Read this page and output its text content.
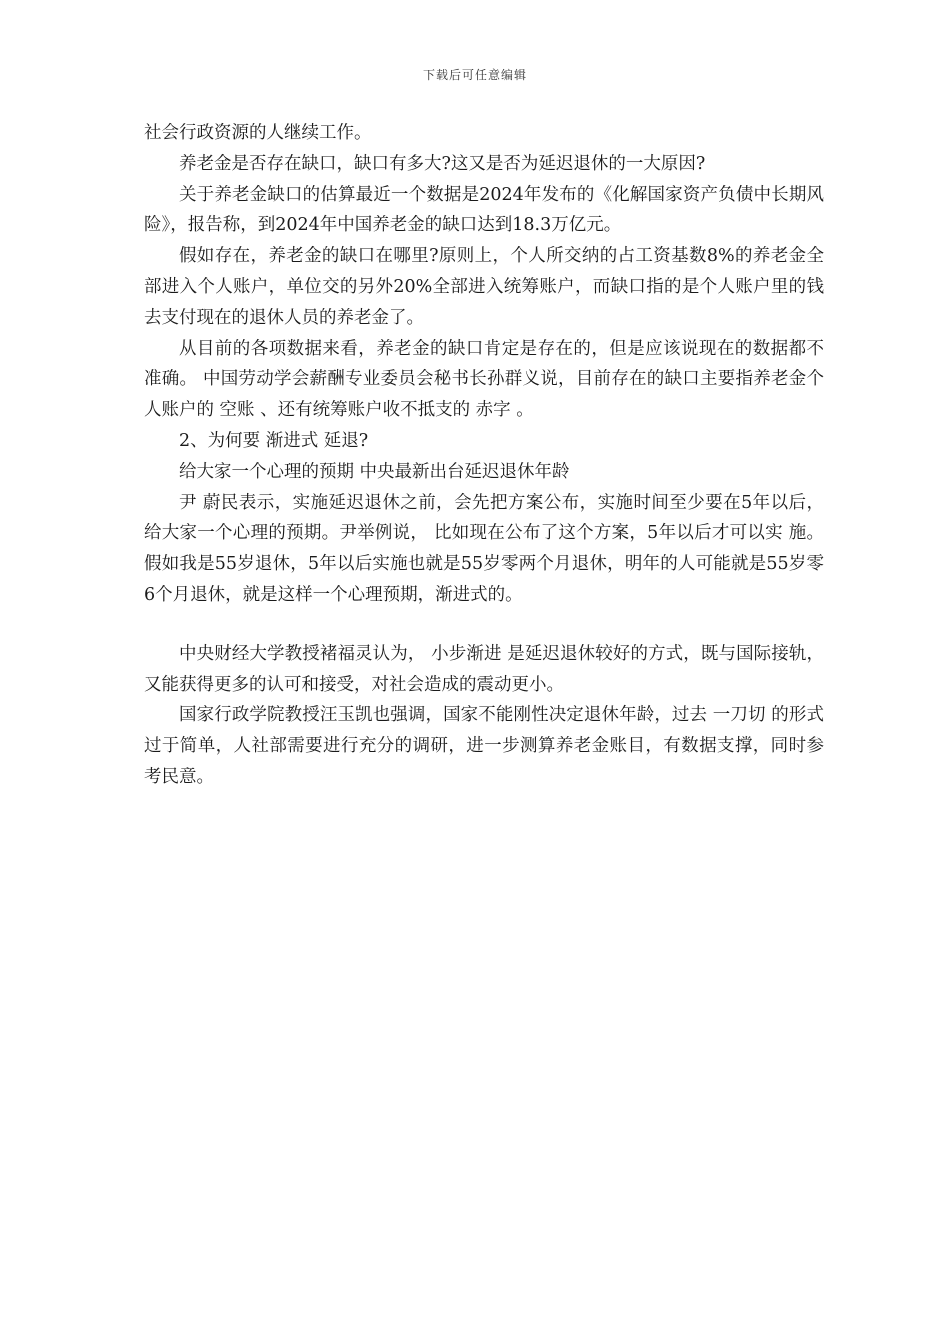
下载后可任意编辑

社会行政资源的人继续工作。

养老金是否存在缺口，缺口有多大?这又是否为延迟退休的一大原因?

关于养老金缺口的估算最近一个数据是2024年发布的《化解国家资产负债中长期风险》，报告称，到2024年中国养老金的缺口达到18.3万亿元。

假如存在，养老金的缺口在哪里?原则上，个人所交纳的占工资基数8%的养老金全部进入个人账户，单位交的另外20%全部进入统筹账户，而缺口指的是个人账户里的钱去支付现在的退休人员的养老金了。

从目前的各项数据来看，养老金的缺口肯定是存在的，但是应该说现在的数据都不准确。 中国劳动学会薪酬专业委员会秘书长孙群义说，目前存在的缺口主要指养老金个人账户的 空账 、还有统筹账户收不抵支的 赤字 。

2、为何要 渐进式 延退?

给大家一个心理的预期 中央最新出台延迟退休年龄

尹 蔚民表示，实施延迟退休之前，会先把方案公布，实施时间至少要在5年以后，给大家一个心理的预期。尹举例说， 比如现在公布了这个方案，5年以后才可以实 施。假如我是55岁退休，5年以后实施也就是55岁零两个月退休，明年的人可能就是55岁零6个月退休，就是这样一个心理预期，渐进式的。

中央财经大学教授褚福灵认为， 小步渐进 是延迟退休较好的方式，既与国际接轨，又能获得更多的认可和接受，对社会造成的震动更小。

国家行政学院教授汪玉凯也强调，国家不能刚性决定退休年龄，过去 一刀切 的形式过于简单，人社部需要进行充分的调研，进一步测算养老金账目，有数据支撑，同时参考民意。
